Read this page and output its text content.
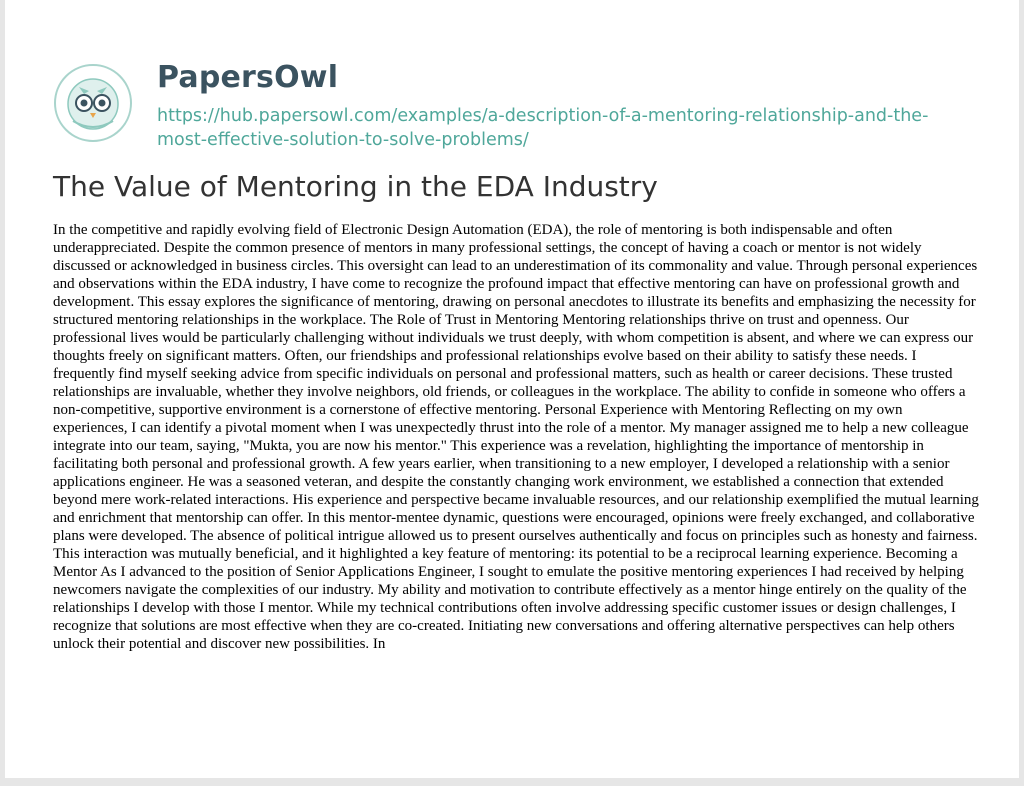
PapersOwl
https://hub.papersowl.com/examples/a-description-of-a-mentoring-relationship-and-the-most-effective-solution-to-solve-problems/
The Value of Mentoring in the EDA Industry

In the competitive and rapidly evolving field of Electronic Design Automation (EDA), the role of mentoring is both indispensable and often underappreciated. Despite the common presence of mentors in many professional settings, the concept of having a coach or mentor is not widely discussed or acknowledged in business circles. This oversight can lead to an underestimation of its commonality and value. Through personal experiences and observations within the EDA industry, I have come to recognize the profound impact that effective mentoring can have on professional growth and development. This essay explores the significance of mentoring, drawing on personal anecdotes to illustrate its benefits and emphasizing the necessity for structured mentoring relationships in the workplace. The Role of Trust in Mentoring Mentoring relationships thrive on trust and openness. Our professional lives would be particularly challenging without individuals we trust deeply, with whom competition is absent, and where we can express our thoughts freely on significant matters. Often, our friendships and professional relationships evolve based on their ability to satisfy these needs. I frequently find myself seeking advice from specific individuals on personal and professional matters, such as health or career decisions. These trusted relationships are invaluable, whether they involve neighbors, old friends, or colleagues in the workplace. The ability to confide in someone who offers a non-competitive, supportive environment is a cornerstone of effective mentoring. Personal Experience with Mentoring Reflecting on my own experiences, I can identify a pivotal moment when I was unexpectedly thrust into the role of a mentor. My manager assigned me to help a new colleague integrate into our team, saying, "Mukta, you are now his mentor." This experience was a revelation, highlighting the importance of mentorship in facilitating both personal and professional growth. A few years earlier, when transitioning to a new employer, I developed a relationship with a senior applications engineer. He was a seasoned veteran, and despite the constantly changing work environment, we established a connection that extended beyond mere work-related interactions. His experience and perspective became invaluable resources, and our relationship exemplified the mutual learning and enrichment that mentorship can offer. In this mentor-mentee dynamic, questions were encouraged, opinions were freely exchanged, and collaborative plans were developed. The absence of political intrigue allowed us to present ourselves authentically and focus on principles such as honesty and fairness. This interaction was mutually beneficial, and it highlighted a key feature of mentoring: its potential to be a reciprocal learning experience. Becoming a Mentor As I advanced to the position of Senior Applications Engineer, I sought to emulate the positive mentoring experiences I had received by helping newcomers navigate the complexities of our industry. My ability and motivation to contribute effectively as a mentor hinge entirely on the quality of the relationships I develop with those I mentor. While my technical contributions often involve addressing specific customer issues or design challenges, I recognize that solutions are most effective when they are co-created. Initiating new conversations and offering alternative perspectives can help others unlock their potential and discover new possibilities. In
